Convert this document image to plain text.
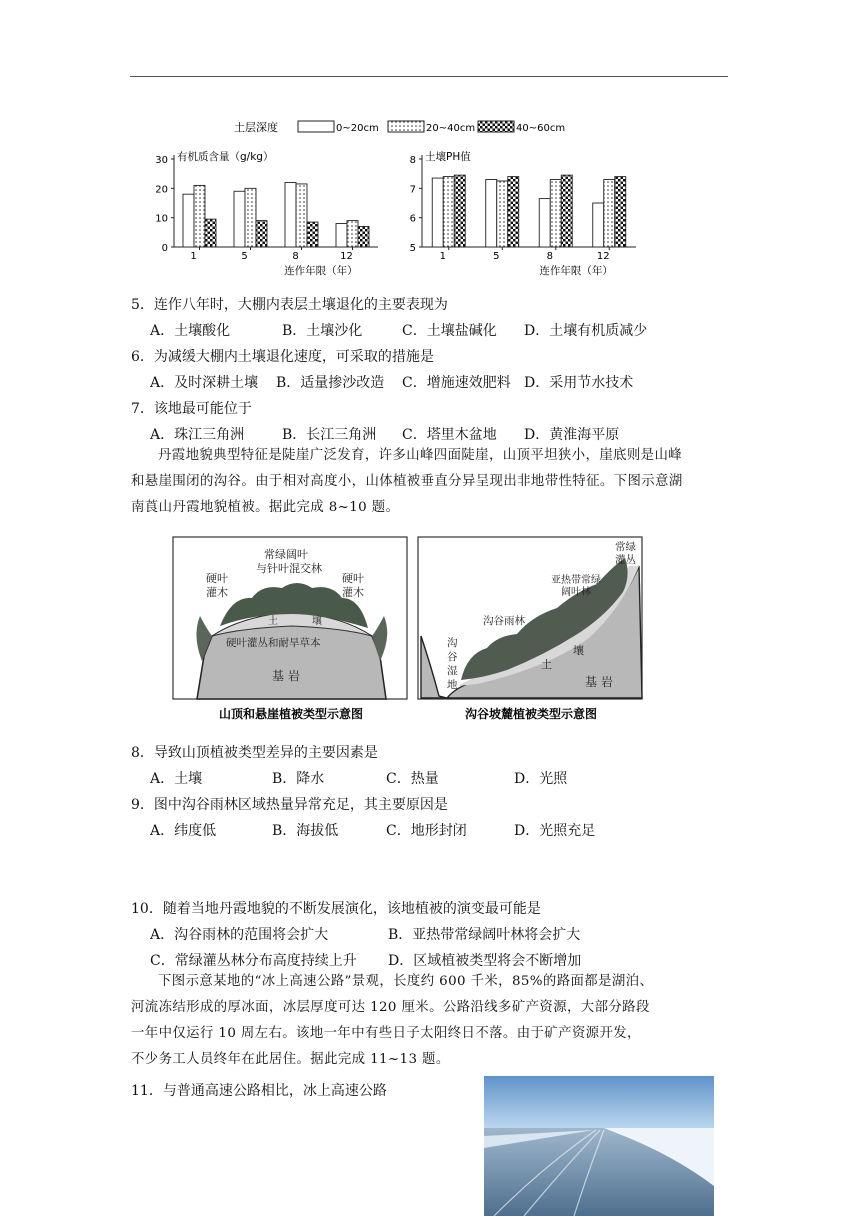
土层深度	0~20cm	20~40cm	40~60cm
0
10
20
30 有机质含量（g/kg）
1	5	8	12
连作年限（年）
5
6
7
8 土壤PH值
1	5	8	12
连作年限（年）
5．连作八年时，大棚内表层土壤退化的主要表现为
A．土壤酸化	B．土壤沙化	C．土壤盐碱化 D．土壤有机质减少
6．为减缓大棚内土壤退化速度，可采取的措施是
A．及时深耕土壤 B．适量掺沙改造 C．增施速效肥料 D．采用节水技术
7．该地最可能位于
A．珠江三角洲	B．长江三角洲 C．塔里木盆地 D．黄淮海平原

丹霞地貌典型特征是陡崖广泛发育，许多山峰四面陡崖，山顶平坦狭小，崖底则是山峰

和悬崖围闭的沟谷。由于相对高度小，山体植被垂直分异呈现出非地带性特征。下图示意湖

南莨山丹霞地貌植被。据此完成 8~10 题。

常绿阔叶
与针叶混交林
硬叶
灌木
硬叶
灌木
土	壤
硬叶灌丛和耐旱草本
基 岩
山顶和悬崖植被类型示意图
常绿
灌丛
亚热带常绿
阔叶林
沟谷雨林
沟
谷
湿
地
土
壤
基 岩
沟谷坡麓植被类型示意图
8．导致山顶植被类型差异的主要因素是
A．土壤	B．降水	C．热量	D．光照
9．图中沟谷雨林区域热量异常充足，其主要原因是
A．纬度低	B．海拔低	C．地形封闭	D．光照充足
10．随着当地丹霞地貌的不断发展演化，该地植被的演变最可能是
A．沟谷雨林的范围将会扩大	B．亚热带常绿阔叶林将会扩大
C．常绿灌丛林分布高度持续上升 D．区域植被类型将会不断增加

下图示意某地的“冰上高速公路”景观，长度约 600 千米，85%的路面都是湖泊、

河流冻结形成的厚冰面，冰层厚度可达 120 厘米。公路沿线多矿产资源，大部分路段

一年中仅运行 10 周左右。该地一年中有些日子太阳终日不落。由于矿产资源开发，

不少务工人员终年在此居住。据此完成 11~13 题。

11．与普通高速公路相比，冰上高速公路
